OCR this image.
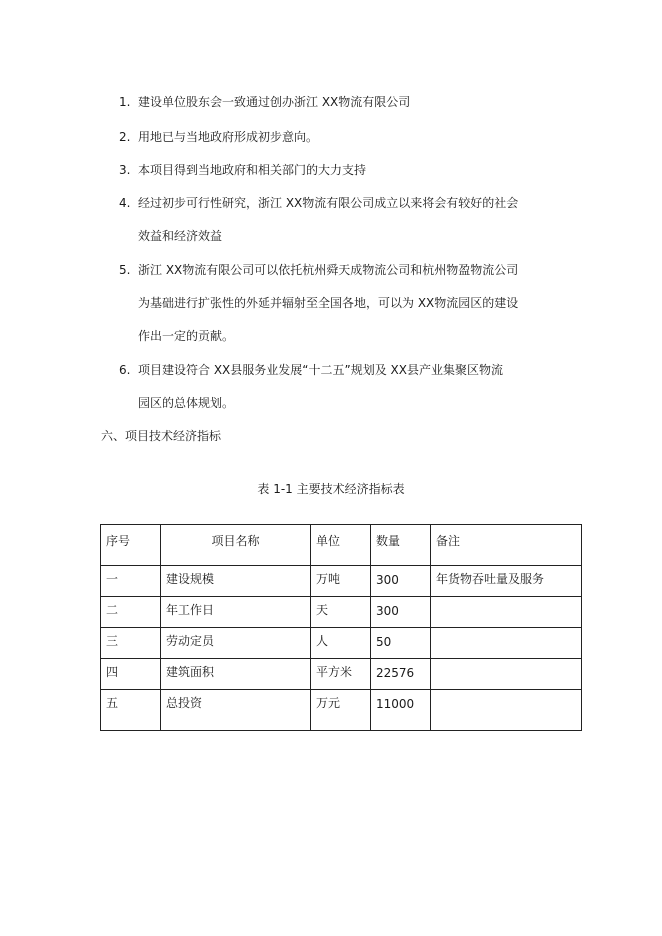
1. 建设单位股东会一致通过创办浙江 XX物流有限公司
2. 用地已与当地政府形成初步意向。
3. 本项目得到当地政府和相关部门的大力支持
4. 经过初步可行性研究，浙江 XX物流有限公司成立以来将会有较好的社会
效益和经济效益
5. 浙江 XX物流有限公司可以依托杭州舜天成物流公司和杭州物盈物流公司
为基础进行扩张性的外延并辐射至全国各地，可以为 XX物流园区的建设
作出一定的贡献。
6. 项目建设符合 XX县服务业发展“十二五”规划及 XX县产业集聚区物流
园区的总体规划。
六、项目技术经济指标
表 1-1 主要技术经济指标表
序号	项目名称	单位	数量	备注
一	建设规模	万吨	300	年货物吞吐量及服务
二	年工作日	天	300	
三	劳动定员	人	50	
四	建筑面积	平方米	22576	
五	总投资	万元	11000	
